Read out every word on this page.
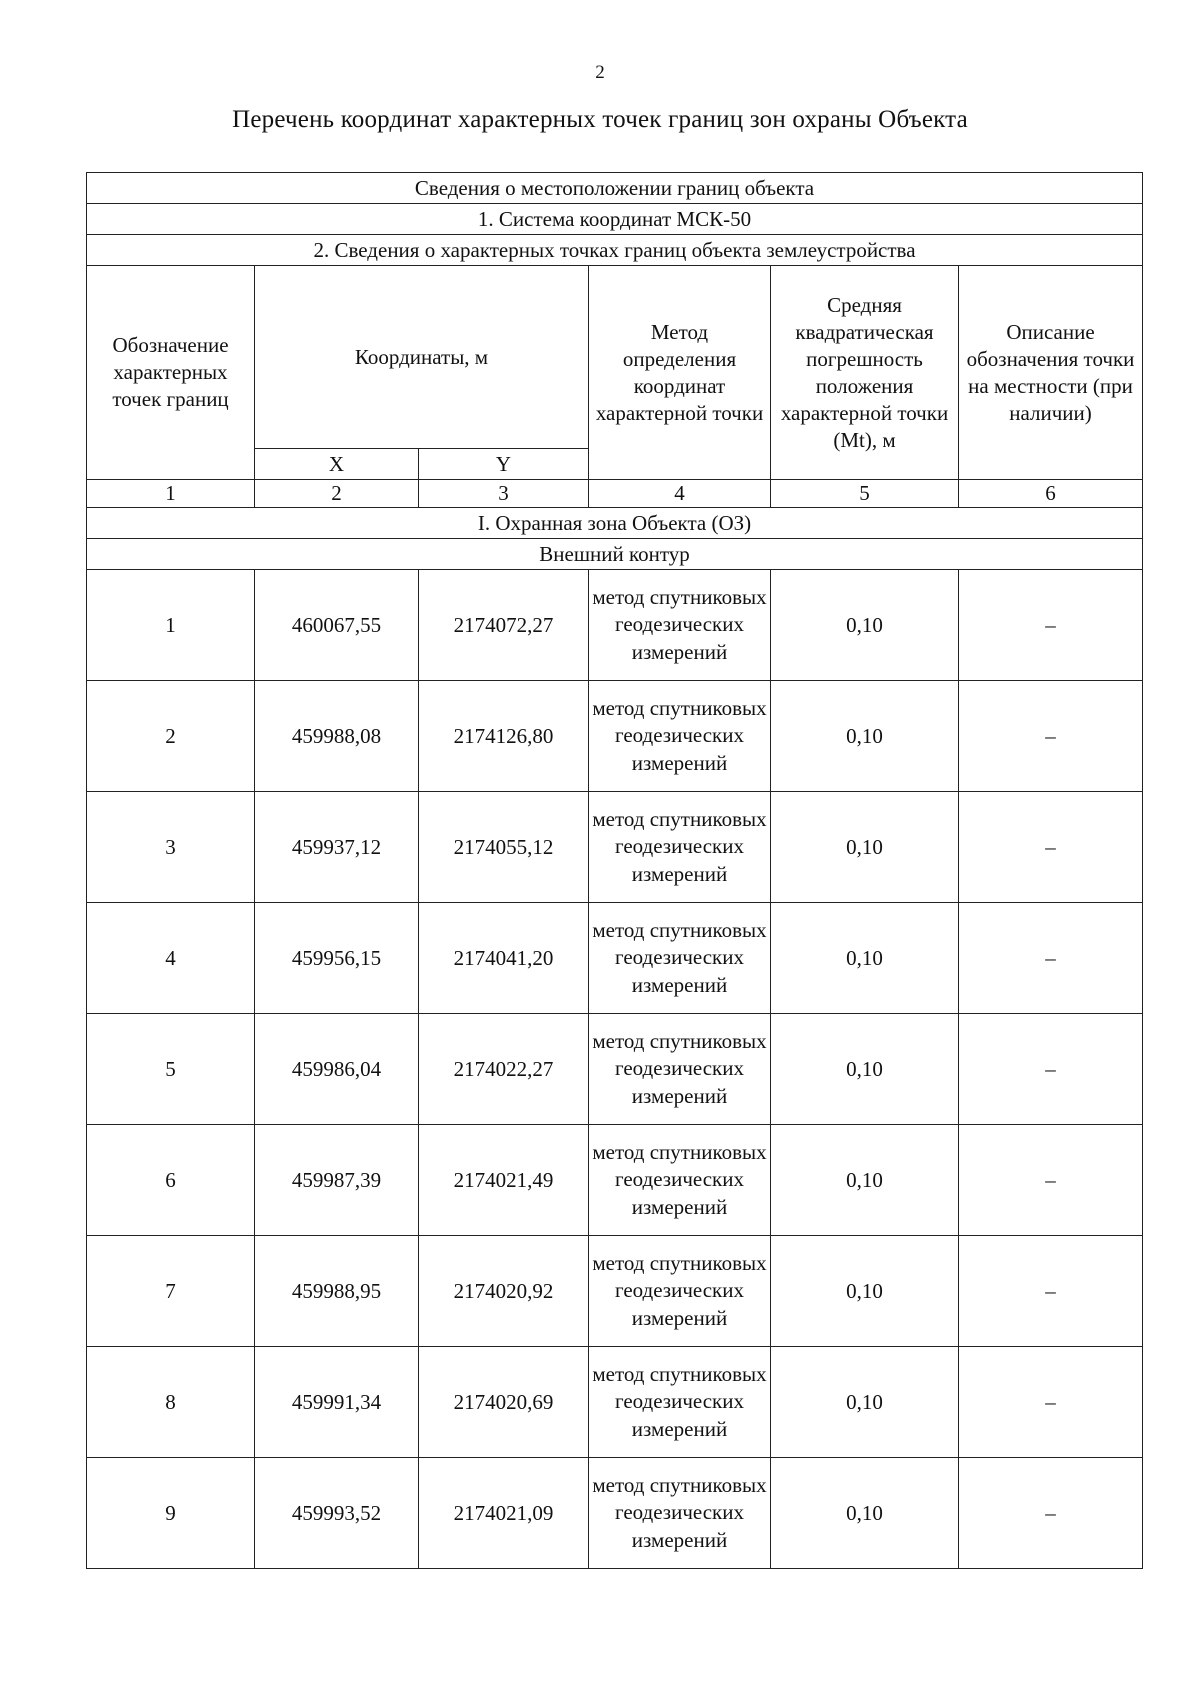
2
Перечень координат характерных точек границ зон охраны Объекта
Сведения о местоположении границ объекта					
1. Система координат МСК-50					
2. Сведения о характерных точках границ объекта землеустройства					
Обозначение характерных точек границ	Координаты, м		Метод определения координат характерной точки	Средняя квадратическая погрешность положения характерной точки (Mt), м	Описание обозначения точки на местности (при наличии)
	X	Y			
1	2	3	4	5	6
I. Охранная зона Объекта (ОЗ)					
Внешний контур					
1	460067,55	2174072,27	метод спутниковых геодезических измерений	0,10	–
2	459988,08	2174126,80	метод спутниковых геодезических измерений	0,10	–
3	459937,12	2174055,12	метод спутниковых геодезических измерений	0,10	–
4	459956,15	2174041,20	метод спутниковых геодезических измерений	0,10	–
5	459986,04	2174022,27	метод спутниковых геодезических измерений	0,10	–
6	459987,39	2174021,49	метод спутниковых геодезических измерений	0,10	–
7	459988,95	2174020,92	метод спутниковых геодезических измерений	0,10	–
8	459991,34	2174020,69	метод спутниковых геодезических измерений	0,10	–
9	459993,52	2174021,09	метод спутниковых геодезических измерений	0,10	–
